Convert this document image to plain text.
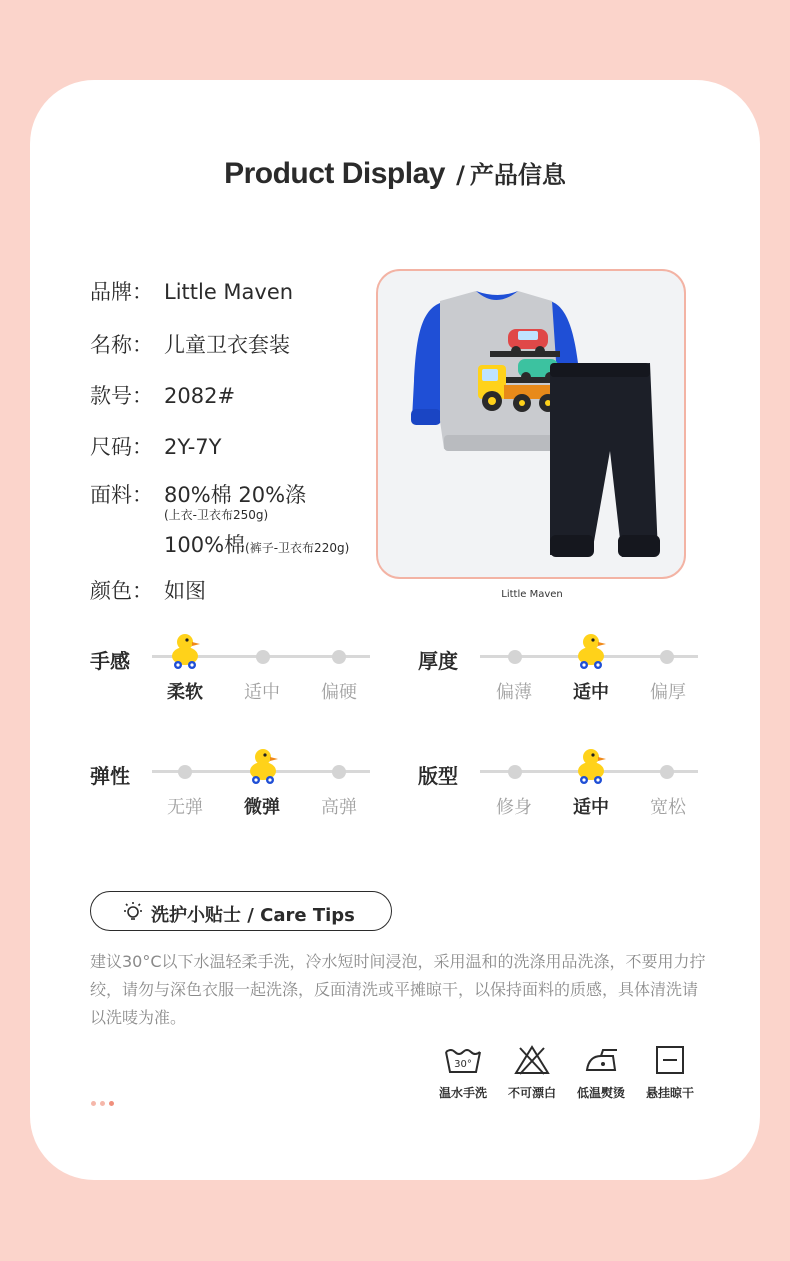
Product Display / 产品信息
品牌： Little Maven
名称： 儿童卫衣套装
款号： 2082#
尺码： 2Y-7Y
面料： 80%棉 20%涤
(上衣-卫衣布250g)
100%棉(裤子-卫衣布220g)
颜色： 如图	Little Maven
手感
柔软	适中	偏硬
厚度
偏薄	适中	偏厚
弹性
无弹	微弹	高弹
版型
修身	适中	宽松
洗护小贴士 / Care Tips
建议30°C以下水温轻柔手洗，冷水短时间浸泡，采用温和的洗涤用品洗涤，不要用力拧绞，请勿与深色衣服一起洗涤，反面清洗或平摊晾干，以保持面料的质感，具体清洗请以洗唛为准。
30°
温水手洗	不可漂白	低温熨烫	悬挂晾干
